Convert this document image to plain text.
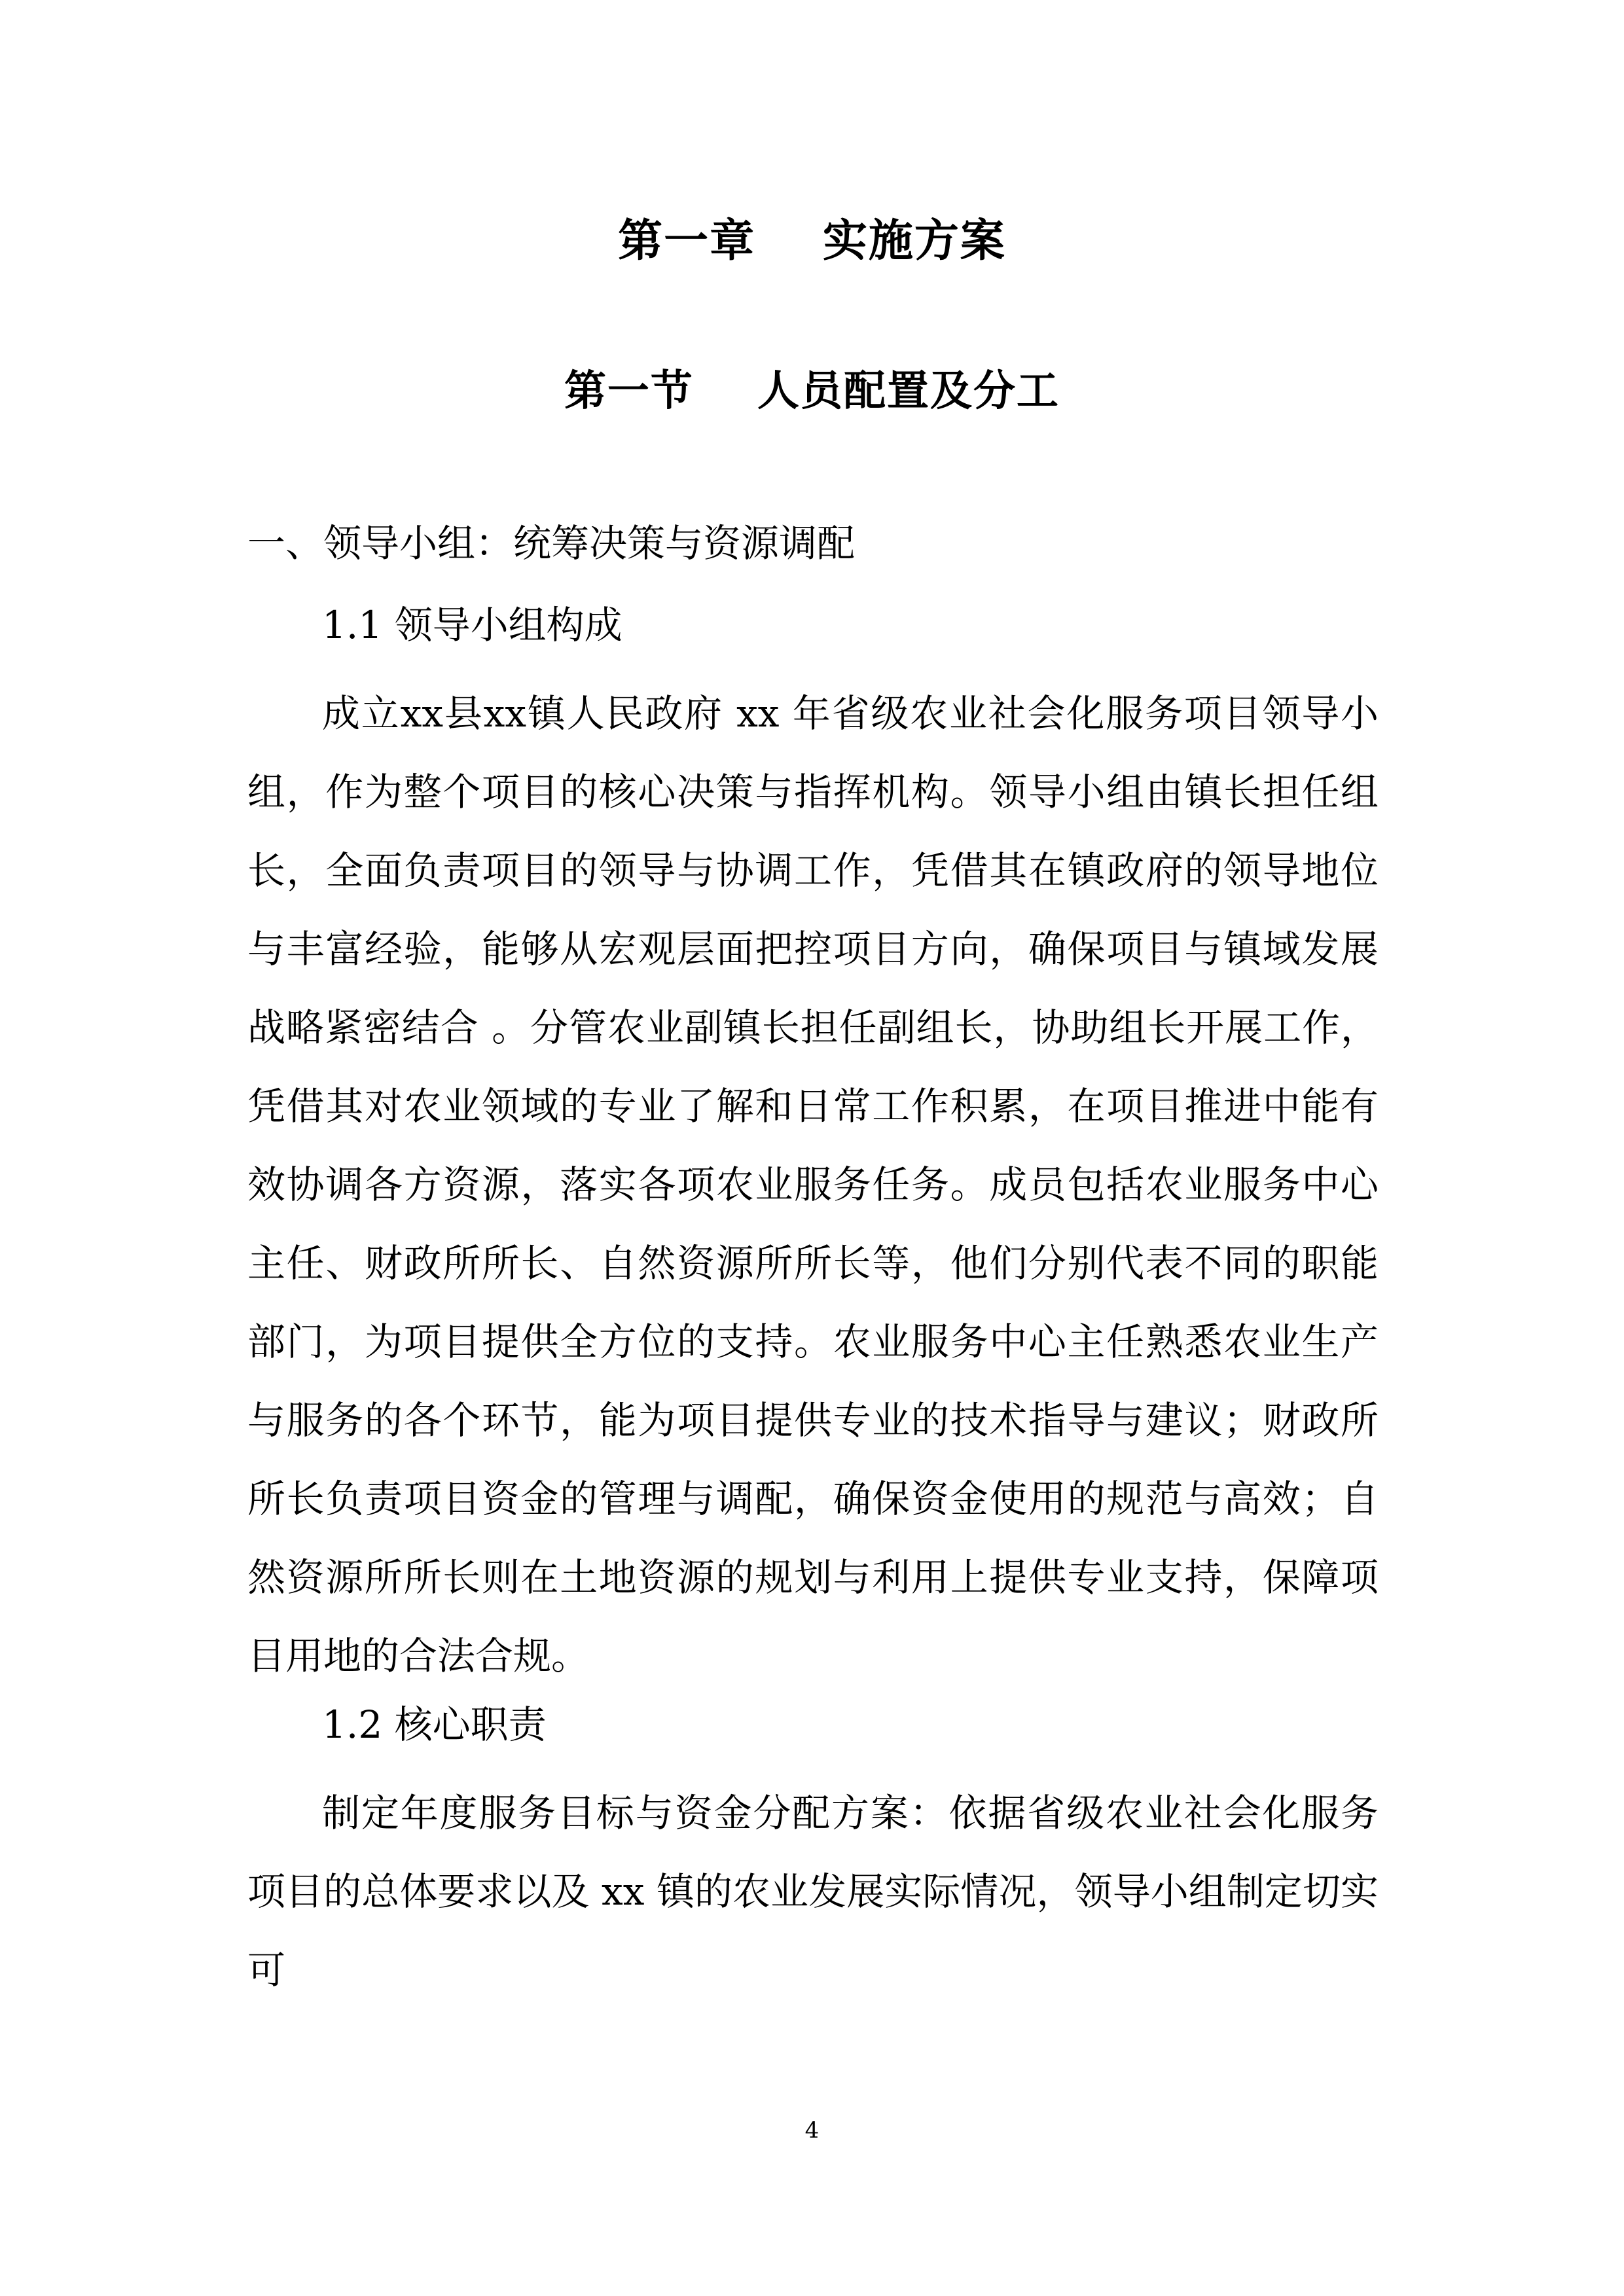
第一章    实施方案
第一节    人员配置及分工
一、领导小组：统筹决策与资源调配
1.1 领导小组构成

成立xx县xx镇人民政府 xx 年省级农业社会化服务项目领导小组，作为整个项目的核心决策与指挥机构。领导小组由镇长担任组长，全面负责项目的领导与协调工作，凭借其在镇政府的领导地位与丰富经验，能够从宏观层面把控项目方向，确保项目与镇域发展战略紧密结合 。分管农业副镇长担任副组长，协助组长开展工作，凭借其对农业领域的专业了解和日常工作积累，在项目推进中能有效协调各方资源，落实各项农业服务任务。成员包括农业服务中心主任、财政所所长、自然资源所所长等，他们分别代表不同的职能部门，为项目提供全方位的支持。农业服务中心主任熟悉农业生产与服务的各个环节，能为项目提供专业的技术指导与建议；财政所所长负责项目资金的管理与调配，确保资金使用的规范与高效；自然资源所所长则在土地资源的规划与利用上提供专业支持，保障项目用地的合法合规。

1.2 核心职责

制定年度服务目标与资金分配方案：依据省级农业社会化服务项目的总体要求以及 xx 镇的农业发展实际情况，领导小组制定切实可

4
